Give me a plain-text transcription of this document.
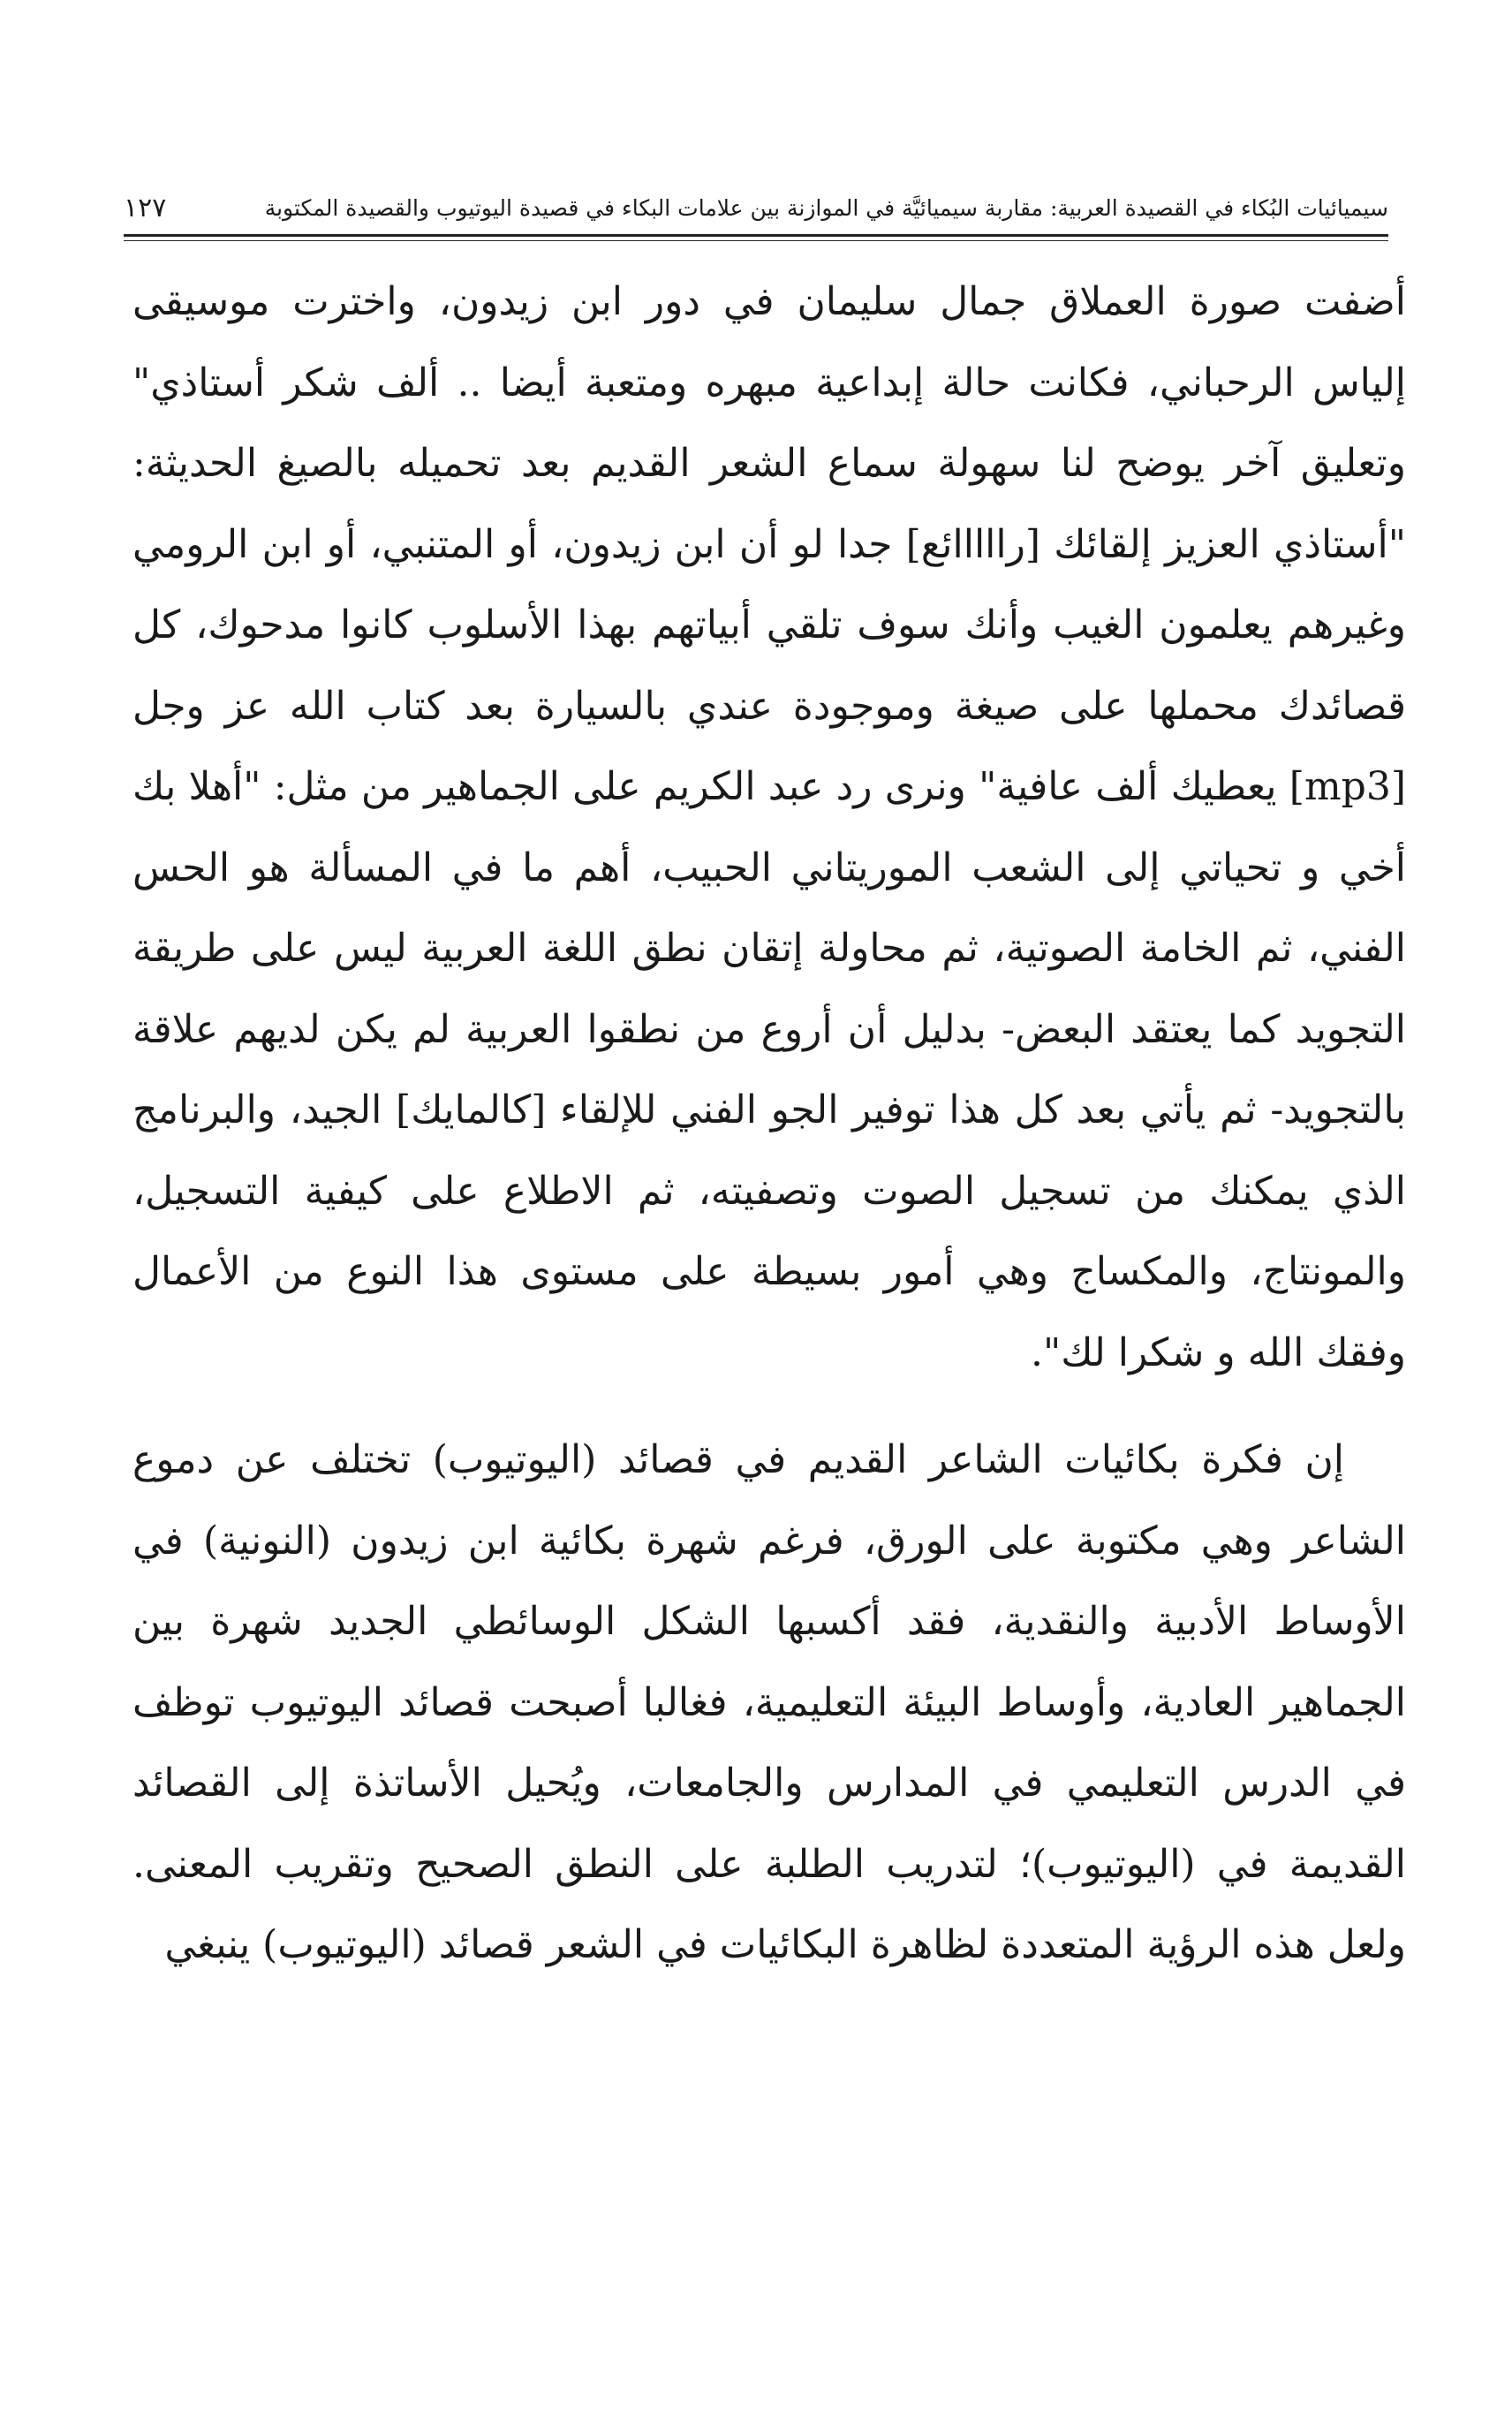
سيميائيات البُكاء في القصيدة العربية: مقاربة سيميائيَّة في الموازنة بين علامات البكاء في قصيدة اليوتيوب والقصيدة المكتوبة
١٢٧

أضفت صورة العملاق جمال سليمان في دور ابن زيدون، واخترت موسيقى إلياس الرحباني، فكانت حالة إبداعية مبهره ومتعبة أيضا .. ألف شكر أستاذي" وتعليق آخر يوضح لنا سهولة سماع الشعر القديم بعد تحميله بالصيغ الحديثة: "أستاذي العزيز إلقائك [رااااائع] جدا لو أن ابن زيدون، أو المتنبي، أو ابن الرومي وغيرهم يعلمون الغيب وأنك سوف تلقي أبياتهم بهذا الأسلوب كانوا مدحوك، كل قصائدك محملها على صيغة وموجودة عندي بالسيارة بعد كتاب الله عز وجل [mp3] يعطيك ألف عافية" ونرى رد عبد الكريم على الجماهير من مثل: "أهلا بك أخي و تحياتي إلى الشعب الموريتاني الحبيب، أهم ما في المسألة هو الحس الفني، ثم الخامة الصوتية، ثم محاولة إتقان نطق اللغة العربية ليس على طريقة التجويد كما يعتقد البعض- بدليل أن أروع من نطقوا العربية لم يكن لديهم علاقة بالتجويد- ثم يأتي بعد كل هذا توفير الجو الفني للإلقاء [كالمايك] الجيد، والبرنامج الذي يمكنك من تسجيل الصوت وتصفيته، ثم الاطلاع على كيفية التسجيل، والمونتاج، والمكساج وهي أمور بسيطة على مستوى هذا النوع من الأعمال وفقك الله و شكرا لك".

إن فكرة بكائيات الشاعر القديم في قصائد (اليوتيوب) تختلف عن دموع الشاعر وهي مكتوبة على الورق، فرغم شهرة بكائية ابن زيدون (النونية) في الأوساط الأدبية والنقدية، فقد أكسبها الشكل الوسائطي الجديد شهرة بين الجماهير العادية، وأوساط البيئة التعليمية، فغالبا أصبحت قصائد اليوتيوب توظف في الدرس التعليمي في المدارس والجامعات، ويُحيل الأساتذة إلى القصائد القديمة في (اليوتيوب)؛ لتدريب الطلبة على النطق الصحيح وتقريب المعنى. ولعل هذه الرؤية المتعددة لظاهرة البكائيات في الشعر قصائد (اليوتيوب) ينبغي
